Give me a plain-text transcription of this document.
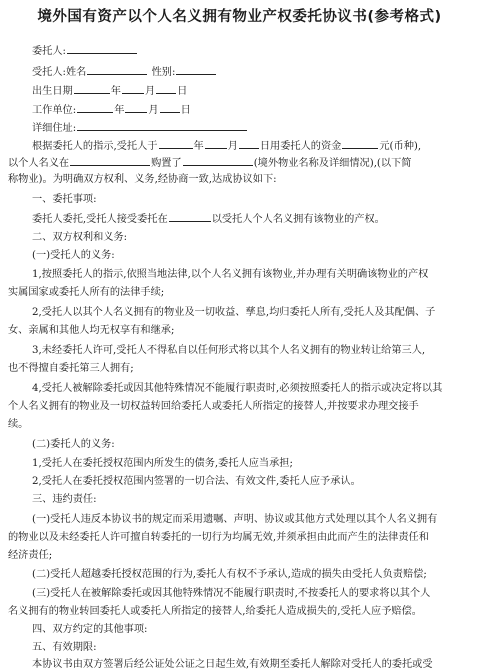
境外国有资产以个人名义拥有物业产权委托协议书(参考格式)
委托人:
受托人:姓名	性别:
出生日期	年 月 日
工作单位:	年 月 日
详细住址:
根据委托人的指示,受托人于	年 月 日用委托人的资金	元(币种),
以个人名义在	购置了	(境外物业名称及详细情况),(以下简
称物业)。为明确双方权利、义务,经协商一致,达成协议如下:
一、委托事项:
委托人委托,受托人接受委托在	以受托人个人名义拥有该物业的产权。
二、双方权利和义务:
(一)受托人的义务:
1,按照委托人的指示,依照当地法律,以个人名义拥有该物业,并办理有关明确该物业的产权
实属国家或委托人所有的法律手续;
2,受托人以其个人名义拥有的物业及一切收益、孳息,均归委托人所有,受托人及其配偶、子
女、亲属和其他人均无权享有和继承;
3,未经委托人许可,受托人不得私自以任何形式将以其个人名义拥有的物业转让给第三人,
也不得擅自委托第三人拥有;
4,受托人被解除委托或因其他特殊情况不能履行职责时,必须按照委托人的指示或决定将以其
个人名义拥有的物业及一切权益转回给委托人或委托人所指定的接替人,并按要求办理交接手
续。
(二)委托人的义务:
1,受托人在委托授权范围内所发生的债务,委托人应当承担;
2,受托人在委托授权范围内签署的一切合法、有效文件,委托人应予承认。
三、违约责任:
(一)受托人违反本协议书的规定而采用遗嘱、声明、协议或其他方式处理以其个人名义拥有
的物业以及未经委托人许可擅自转委托的一切行为均属无效,并须承担由此而产生的法律责任和
经济责任;
(二)受托人超越委托授权范围的行为,委托人有权不予承认,造成的损失由受托人负责赔偿;
(三)受托人在被解除委托或因其他特殊情况不能履行职责时,不按委托人的要求将以其个人
名义拥有的物业转回委托人或委托人所指定的接替人,给委托人造成损失的,受托人应予赔偿。
四、双方约定的其他事项:
五、有效期限:
本协议书由双方签署后经公证处公证之日起生效,有效期至委托人解除对受托人的委托或受
